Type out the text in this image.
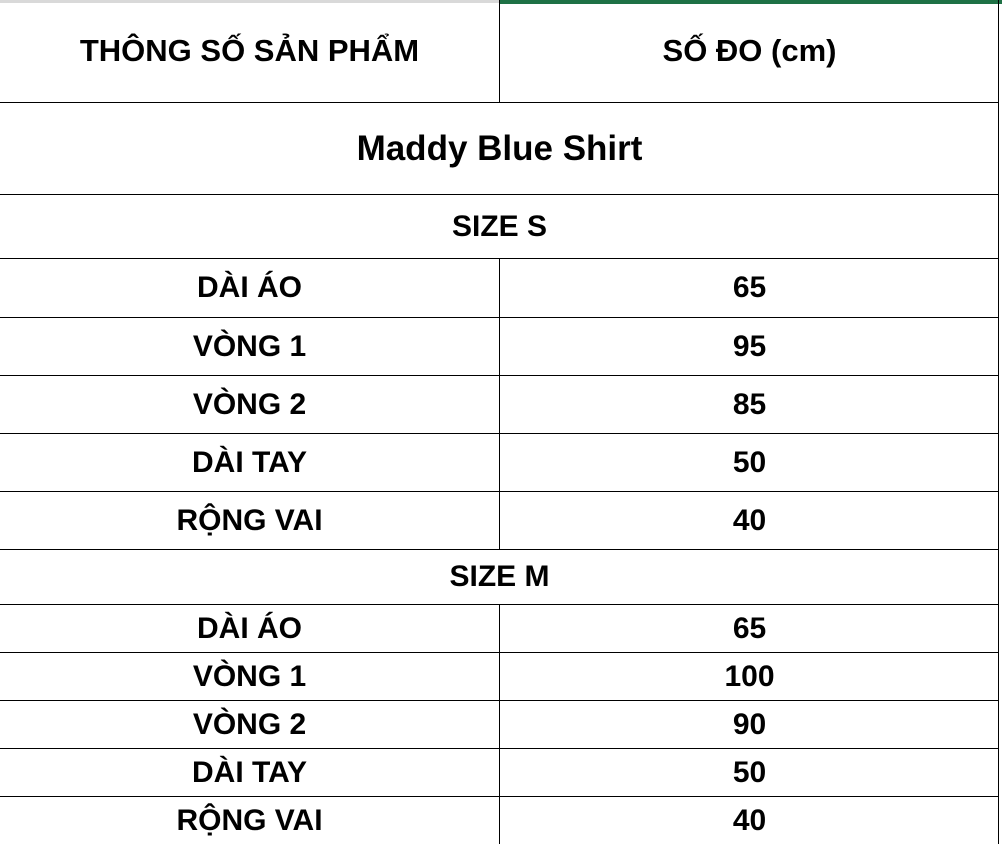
THÔNG SỐ SẢN PHẨM	SỐ ĐO (cm)
Maddy Blue Shirt
SIZE S
DÀI ÁO	65
VÒNG 1	95
VÒNG 2	85
DÀI TAY	50
RỘNG VAI	40
SIZE M
DÀI ÁO	65
VÒNG 1	100
VÒNG 2	90
DÀI TAY	50
RỘNG VAI	40
